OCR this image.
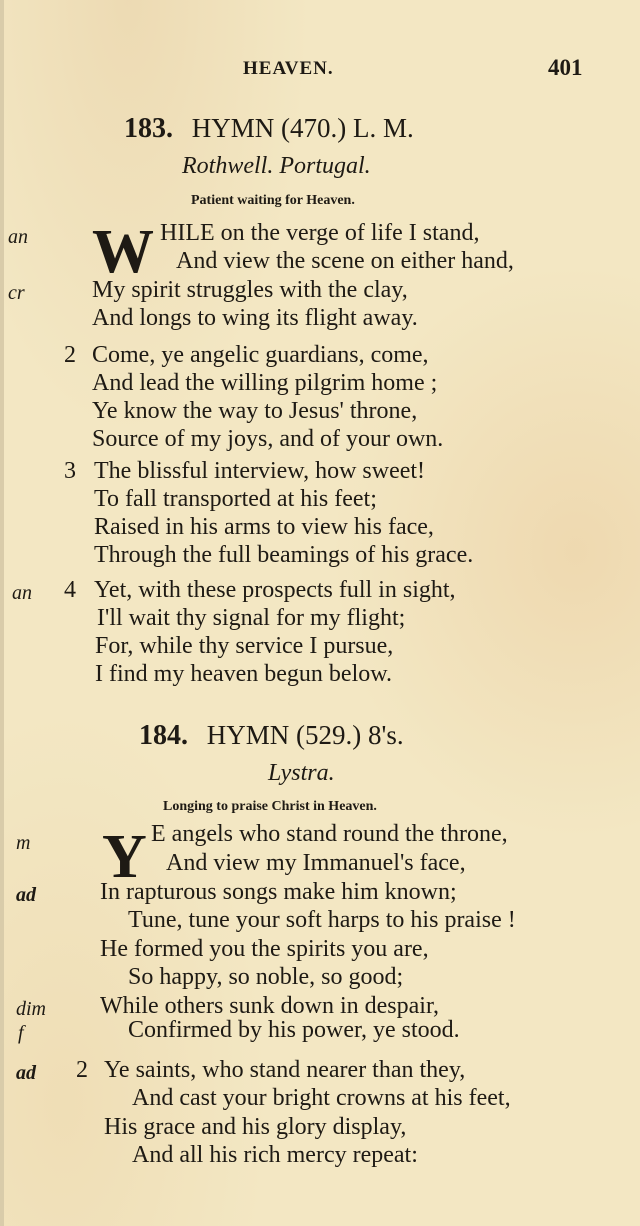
HEAVEN.	401
183. HYMN (470.) L. M.
Rothwell. Portugal.
Patient waiting for Heaven.
an W HILE on the verge of life I stand,
And view the scene on either hand,
cr	My spirit struggles with the clay,
And longs to wing its flight away.
2 Come, ye angelic guardians, come,
And lead the willing pilgrim home ;
Ye know the way to Jesus' throne,
Source of my joys, and of your own.
3 The blissful interview, how sweet!
To fall transported at his feet;
Raised in his arms to view his face,
Through the full beamings of his grace.
an 4 Yet, with these prospects full in sight,
I'll wait thy signal for my flight;
For, while thy service I pursue,
I find my heaven begun below.
184. HYMN (529.) 8's.
Lystra.
Longing to praise Christ in Heaven.
m Y E angels who stand round the throne,
And view my Immanuel's face,
ad	In rapturous songs make him known;
Tune, tune your soft harps to his praise !
He formed you the spirits you are,
So happy, so noble, so good;
dim While others sunk down in despair,
f	Confirmed by his power, ye stood.
ad 2 Ye saints, who stand nearer than they,
And cast your bright crowns at his feet,
His grace and his glory display,
And all his rich mercy repeat:
